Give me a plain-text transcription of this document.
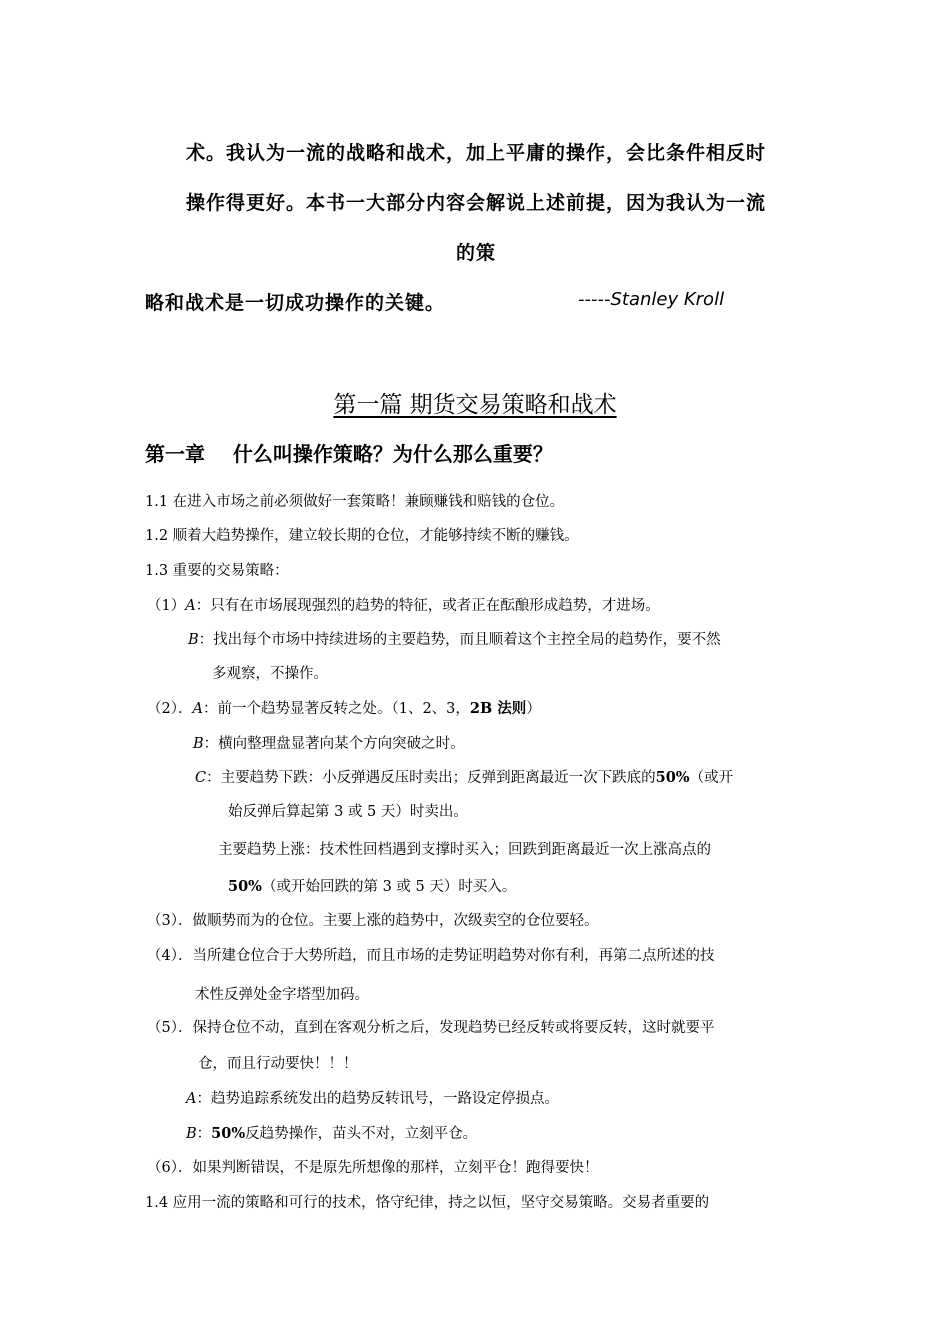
术。我认为一流的战略和战术，加上平庸的操作，会比条件相反时
操作得更好。本书一大部分内容会解说上述前提，因为我认为一流
的策
略和战术是一切成功操作的关键。	-----Stanley Kroll
第一篇 期货交易策略和战术
第一章    什么叫操作策略？为什么那么重要？
1.1 在进入市场之前必须做好一套策略！兼顾赚钱和赔钱的仓位。
1.2 顺着大趋势操作，建立较长期的仓位，才能够持续不断的赚钱。
1.3 重要的交易策略：
（1）A：只有在市场展现强烈的趋势的特征，或者正在酝酿形成趋势，才进场。
B：找出每个市场中持续进场的主要趋势，而且顺着这个主控全局的趋势作，要不然
多观察，不操作。
（2）．A：前一个趋势显著反转之处。（1、2、3，2B 法则）
B：横向整理盘显著向某个方向突破之时。
C：主要趋势下跌：小反弹遇反压时卖出；反弹到距离最近一次下跌底的50%（或开
始反弹后算起第 3 或 5 天）时卖出。
主要趋势上涨：技术性回档遇到支撑时买入；回跌到距离最近一次上涨高点的
50%（或开始回跌的第 3 或 5 天）时买入。
（3）．做顺势而为的仓位。主要上涨的趋势中，次级卖空的仓位要轻。
（4）．当所建仓位合于大势所趋，而且市场的走势证明趋势对你有利，再第二点所述的技
术性反弹处金字塔型加码。
（5）．保持仓位不动，直到在客观分析之后，发现趋势已经反转或将要反转，这时就要平
仓，而且行动要快！！！
A：趋势追踪系统发出的趋势反转讯号，一路设定停损点。
B：50%反趋势操作，苗头不对，立刻平仓。
（6）．如果判断错误，不是原先所想像的那样，立刻平仓！跑得要快！
1.4 应用一流的策略和可行的技术，恪守纪律，持之以恒，坚守交易策略。交易者重要的
